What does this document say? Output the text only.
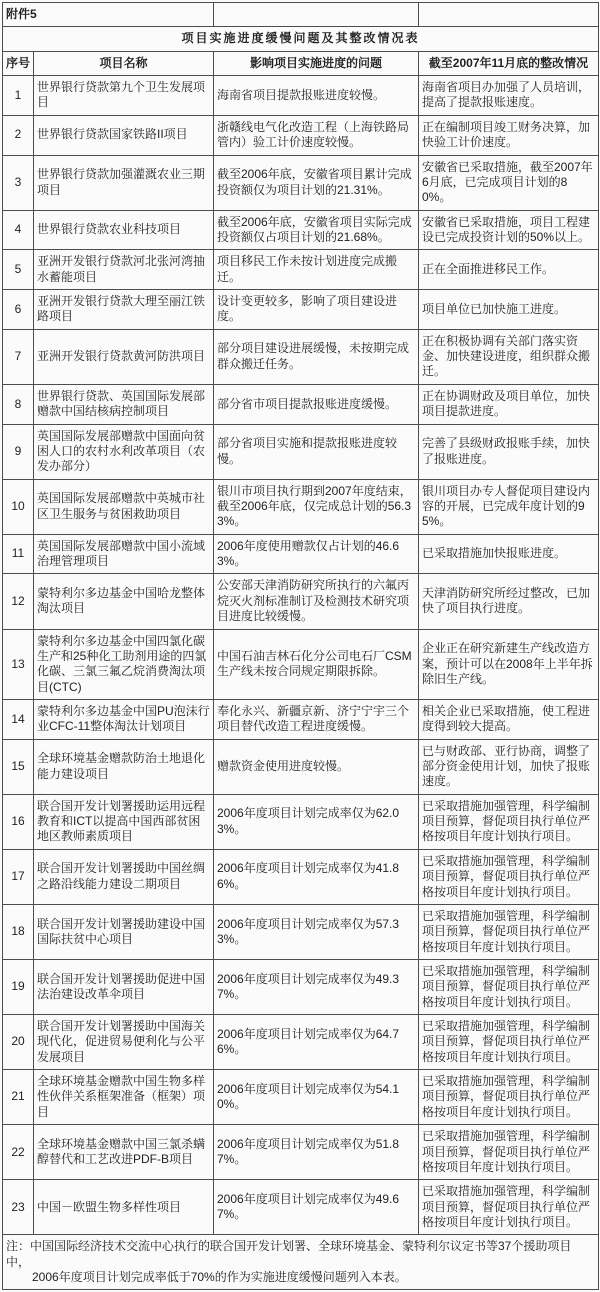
附件5			
项目实施进度缓慢问题及其整改情况表			
序号	项目名称	影响项目实施进度的问题	截至2007年11月底的整改情况
1	世界银行贷款第九个卫生发展项目	海南省项目提款报账进度较慢。	海南省项目办加强了人员培训，提高了提款报账速度。
2	世界银行贷款国家铁路II项目	浙赣线电气化改造工程（上海铁路局管内）验工计价速度较慢。	正在编制项目竣工财务决算，加快验工计价速度。
3	世界银行贷款加强灌溉农业三期项目	截至2006年底，安徽省项目累计完成投资额仅为项目计划的21.31%。	安徽省已采取措施，截至2007年6月底，已完成项目计划的80%。
4	世界银行贷款农业科技项目	截至2006年底，安徽省项目实际完成投资额仅占项目计划的21.68%。	安徽省已采取措施，项目工程建设已完成投资计划的50%以上。
5	亚洲开发银行贷款河北张河湾抽水蓄能项目	项目移民工作未按计划进度完成搬迁。	正在全面推进移民工作。
6	亚洲开发银行贷款大理至丽江铁路项目	设计变更较多，影响了项目建设进度。	项目单位已加快施工进度。
7	亚洲开发银行贷款黄河防洪项目	部分项目建设进展缓慢，未按期完成群众搬迁任务。	正在积极协调有关部门落实资金、加快建设进度，组织群众搬迁。
8	世界银行贷款、英国国际发展部赠款中国结核病控制项目	部分省市项目提款报账进度缓慢。	正在协调财政及项目单位，加快项目提款进度。
9	英国国际发展部赠款中国面向贫困人口的农村水利改革项目（农发办部分）	部分省项目实施和提款报账进度较慢。	完善了县级财政报账手续，加快了报账进度。
10	英国国际发展部赠款中英城市社区卫生服务与贫困救助项目	银川市项目执行期到2007年度结束，截至2006年底，仅完成总计划的56.33%。	银川项目办专人督促项目建设内容的开展，已完成年度计划的95%。
11	英国国际发展部赠款中国小流域治理管理项目	2006年度使用赠款仅占计划的46.63%。	已采取措施加快报账进度。
12	蒙特利尔多边基金中国哈龙整体淘汰项目	公安部天津消防研究所执行的六氟丙烷灭火剂标准制订及检测技术研究项目进度比较缓慢。	天津消防研究所经过整改，已加快了项目执行进度。
13	蒙特利尔多边基金中国四氯化碳生产和25种化工助剂用途的四氯化碳、三氯三氟乙烷消费淘汰项目(CTC)	中国石油吉林石化分公司电石厂CSM生产线未按合同规定期限拆除。	企业正在研究新建生产线改造方案，预计可以在2008年上半年拆除旧生产线。
14	蒙特利尔多边基金中国PU泡沫行业CFC-11整体淘汰计划项目	奉化永兴、新疆京新、济宁宁宇三个项目替代改造工程进度缓慢。	相关企业已采取措施，使工程进度得到较大提高。
15	全球环境基金赠款防治土地退化能力建设项目	赠款资金使用进度较慢。	已与财政部、亚行协商，调整了部分资金使用计划，加快了报账速度。
16	联合国开发计划署援助运用远程教育和ICT以提高中国西部贫困地区教师素质项目	2006年度项目计划完成率仅为62.03%。	已采取措施加强管理，科学编制项目预算，督促项目执行单位严格按项目年度计划执行项目。
17	联合国开发计划署援助中国丝绸之路沿线能力建设二期项目	2006年度项目计划完成率仅为41.86%。	已采取措施加强管理，科学编制项目预算，督促项目执行单位严格按项目年度计划执行项目。
18	联合国开发计划署援助建设中国国际扶贫中心项目	2006年度项目计划完成率仅为57.33%。	已采取措施加强管理，科学编制项目预算，督促项目执行单位严格按项目年度计划执行项目。
19	联合国开发计划署援助促进中国法治建设改革伞项目	2006年度项目计划完成率仅为49.37%。	已采取措施加强管理，科学编制项目预算，督促项目执行单位严格按项目年度计划执行项目。
20	联合国开发计划署援助中国海关现代化，促进贸易便利化与公平发展项目	2006年度项目计划完成率仅为64.76%。	已采取措施加强管理，科学编制项目预算，督促项目执行单位严格按项目年度计划执行项目。
21	全球环境基金赠款中国生物多样性伙伴关系框架准备（框架）项目	2006年度项目计划完成率仅为54.10%。	已采取措施加强管理，科学编制项目预算，督促项目执行单位严格按项目年度计划执行项目。
22	全球环境基金赠款中国三氯杀螨醇替代和工艺改进PDF-B项目	2006年度项目计划完成率仅为51.87%。	已采取措施加强管理，科学编制项目预算，督促项目执行单位严格按项目年度计划执行项目。
23	中国－欧盟生物多样性项目	2006年度项目计划完成率仅为49.67%。	已采取措施加强管理，科学编制项目预算，督促项目执行单位严格按项目年度计划执行项目。

注：中国国际经济技术交流中心执行的联合国开发计划署、全球环境基金、蒙特利尔议定书等37个援助项目中，
2006年度项目计划完成率低于70%的作为实施进度缓慢问题列入本表。			
